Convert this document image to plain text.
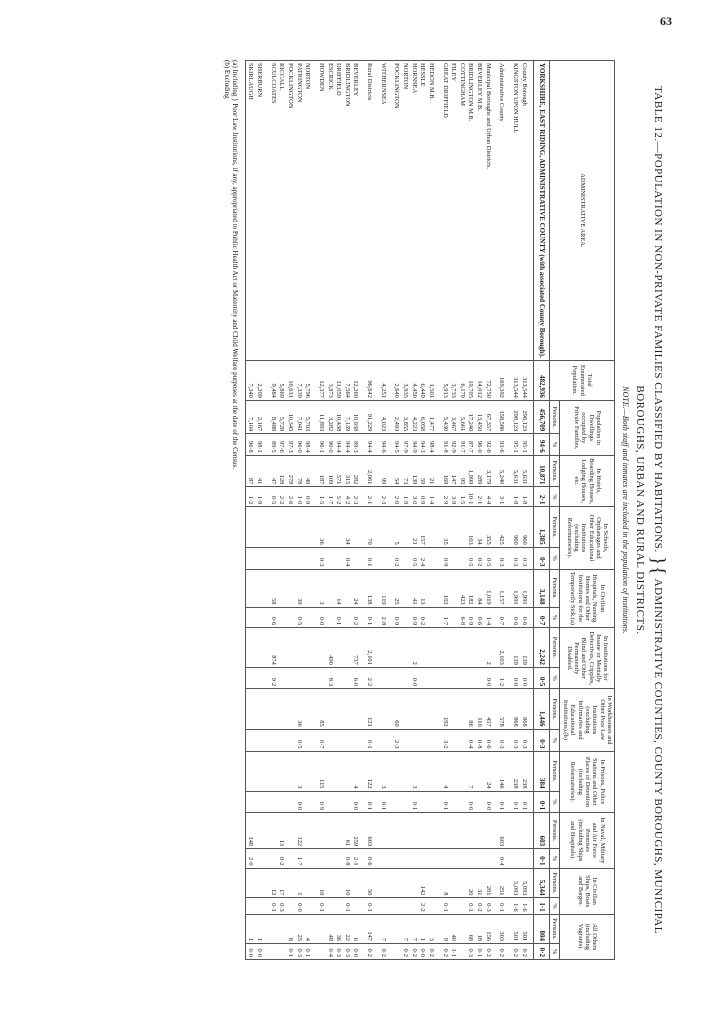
63
TABLE 12.—POPULATION IN NON-PRIVATE FAMILIES CLASSIFIED BY HABITATIONS. }{ ADMINISTRATIVE COUNTIES, COUNTY BOROUGHS, MUNICIPAL BOROUGHS, URBAN AND RURAL DISTRICTS.
NOTE.—Both staff and inmates are included in the population of institutions.
ADMINISTRATIVE AREA.	Total Enumerated Population.	Population in Dwellings occupied by Private Families.		In Hotels, Boarding Houses, Lodging Houses, etc.		In Schools, Orphanages and Other Educational Institutions (excluding Reformatories).		In Civilian Hospitals, Nursing Homes and Other Institutions for the Temporarily Sick.(a)		In Institutions for Insane or Mentally Defectives, Cripples, Blind and Other Permanently Disabled.		In Workhouses and Other Poor Law Institutions (excluding Infirmaries and Educational Institutions).(b)		In Prisons, Police Stations and Other Places of Detention (including Reformatories).		In Naval, Military and Air Force Premises (including Ships and Hospitals).		In Civilian Ships, Boats and Barges.		All Others (including Vagrants).	
		Persons.	%	Persons.	%	Persons.	%	Persons.	%	Persons.	%	Persons.	%	Persons.	%	Persons.	%	Persons.	%	Persons.	%
YORKSHIRE, EAST RIDING, ADMINISTRATIVE COUNTY (with associated County Borough).	482,936	456,709	94·6	10,871	2·1	1,385	0·3	3,148	0·7	2,242	0·5	1,446	0·3	384	0·1	603	0·1	5,344	1·1	804	0·2

County Borough	313,544	298,123	95·1	5,631	1·8	960	0·3	1,991	0·6	139	0·0	868	0·3	238	0·1			5,093	1·6	501	0·2
KINGSTON UPON HULL	313,544	298,123	95·1	5,631	1·8	960	0·3	1,991	0·6	139	0·0	868	0·3	238	0·1			5,093	1·6	501	0·2

Administrative County	169,392	158,586	93·6	5,240	3·1	425	0·3	1,157	0·7	2,103	1·2	578	0·3	146	0·1	603	0·4	251	0·1	303	0·2

Municipal Boroughs and Urban Districts.	72,750	67,357	92·6	3,179	4·4	355	0·5	1,019	1·4	2	0·0	457	0·6	24	0·0			201	0·3	156	0·2
BEVERLEY M.B.	14,012	13,450	96·0	289	2·1	34	0·2	84	0·6			110	0·8					31	0·2	18	0·1
BRIDLINGTON M.B.	19,705	17,240	87·7	1,999	10·1	103	0·5	182	0·9			86	0·4	7	0·0			20	0·1	68	0·3
COTTINGHAM	6,179	5,661	91·7	95	1·5			423	6·8												
FILEY	3,733	3,467	92·9	147	3·9															40	1·1
GREAT DRIFFIELD	5,913	5,430	91·8	169	2·9	35	0·9	103	1·7			192	3·2	4	0·1			8	0·1	9	0·2

HEDON M.B.	1,501	1,477	98·4	21	1·4															3	0·2
HESSLE	6,449	6,058	94·3	59	0·9	157	2·4	13	0·2									142	2·2	1	0·0
HORNSEA	4,450	4,223	94·9	139	3·0	21	0·5	41	0·9	2	0·0			3	0·1					7	0·2
NORTON	3,935	3,855	97·9	73	1·9															7	0·2
POCKLINGTON	2,640	2,493	94·5	54	2·0	5	0·2	25	0·9			60	2·3								

WITHERNSEA	4,251	4,023	94·6	99	2·3			119	2·8					3	0·1					7	0·2

Rural Districts	96,642	91,229	94·4	2,061	2·1	70	0·1	138	0·1	2,101	2·2	121	0·1	122	0·1	603	0·6	50	0·1	147	0·2

BEVERLEY	12,260	10,938	89·3	282	2·3			24	0·2	737	6·0			4	0·0	259	2·1			6	0·0
BRIDLINGTON	7,564	7,139	94·4	315	4·2	34	0·4									61	0·8	10	0·1	22	0·3
DRIFFIELD	11,059	10,438	94·4	571	5·2			14	0·1											36	0·3
ESCRICK	3,873	3,282	90·0	109	1·7					490	8·3									48	0·4
HOWDEN	12,377	11,893	96·1	187	1·5	36	0·3	3	0·0			85	0·7	115	0·9			10	0·1		

NORTON	5,796	5,703	98·4	49	0·9															4	0·1
PATRINGTON	7,339	7,041	96·0	78	1·0			39	0·5			36	0·5	3	0·0	122	1·7	1	0·0	25	0·3
POCKLINGTON	10,631	10,345	97·3	278	2·6															8	0·1
RICCALL	5,869	5,728	97·6	128	2·2											13	0·2	17	0·3		
SCULCOATES	9,484	8,488	89·5	47	0·5			58	0·6	874	9·2							12	0·1		

SHERBURN	2,209	2,167	98·1	41	1·9															1	0·0
SKIRLAUGH	7,340	7,104	96·8	87	1·2											148	2·0			1	0·0
(a) Including } Poor Law Institutions, if any, appropriated to Public Health Act or Maternity and Child Welfare purposes at the date of the Census.
(b) Excluding
